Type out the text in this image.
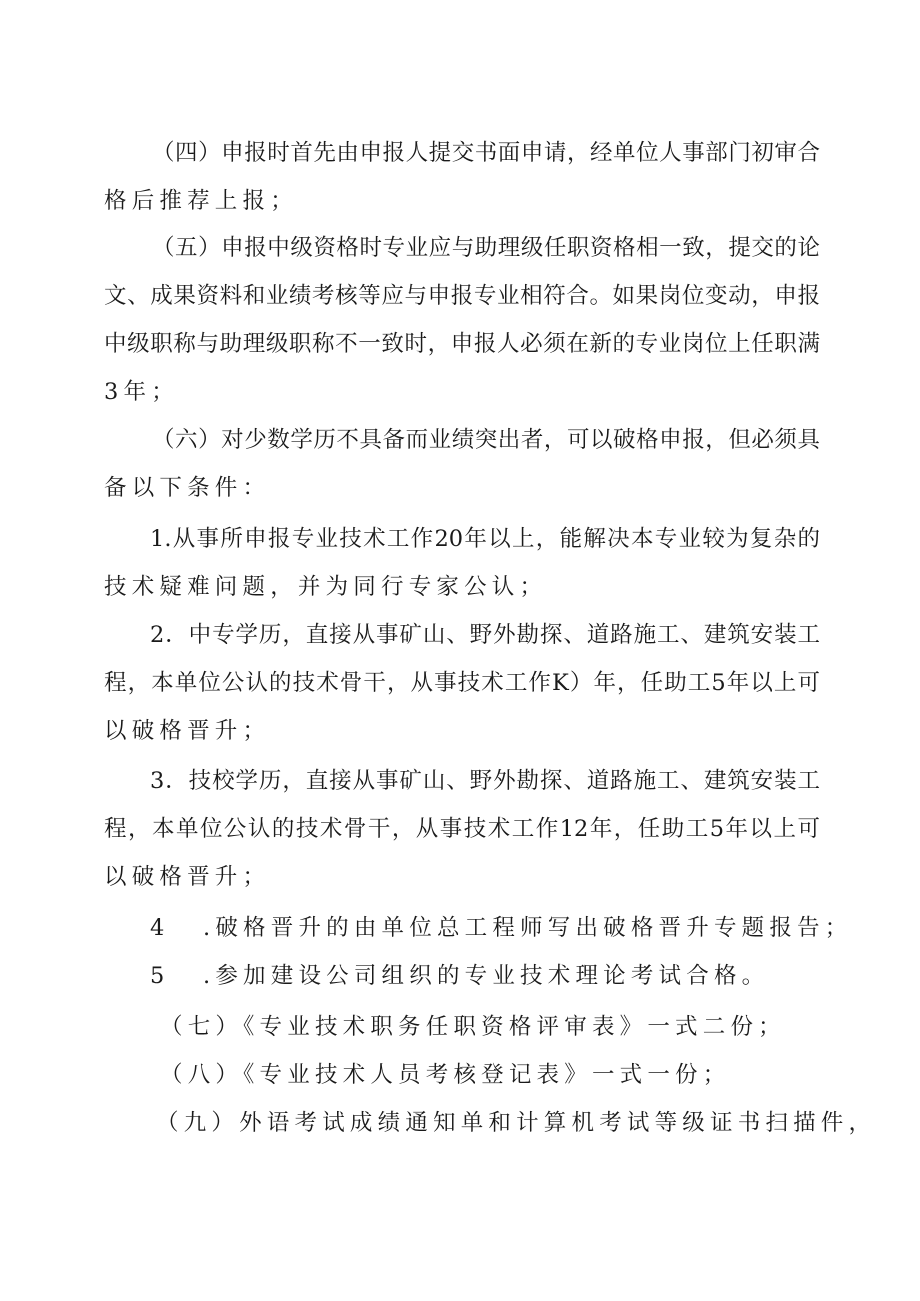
（四）申报时首先由申报人提交书面申请，经单位人事部门初审合
格后推荐上报；
（五）申报中级资格时专业应与助理级任职资格相一致，提交的论
文、成果资料和业绩考核等应与申报专业相符合。如果岗位变动，申报
中级职称与助理级职称不一致时，申报人必须在新的专业岗位上任职满
3年；
（六）对少数学历不具备而业绩突出者，可以破格申报，但必须具
备以下条件：
1.从事所申报专业技术工作20年以上，能解决本专业较为复杂的
技术疑难问题，并为同行专家公认；
2．中专学历，直接从事矿山、野外勘探、道路施工、建筑安装工
程，本单位公认的技术骨干，从事技术工作K）年，任助工5年以上可
以破格晋升；
3．技校学历，直接从事矿山、野外勘探、道路施工、建筑安装工
程，本单位公认的技术骨干，从事技术工作12年，任助工5年以上可
以破格晋升；
4 .破格晋升的由单位总工程师写出破格晋升专题报告；
5 .参加建设公司组织的专业技术理论考试合格。
（七）《专业技术职务任职资格评审表》一式二份；
（八）《专业技术人员考核登记表》一式一份；
（九）外语考试成绩通知单和计算机考试等级证书扫描件，
